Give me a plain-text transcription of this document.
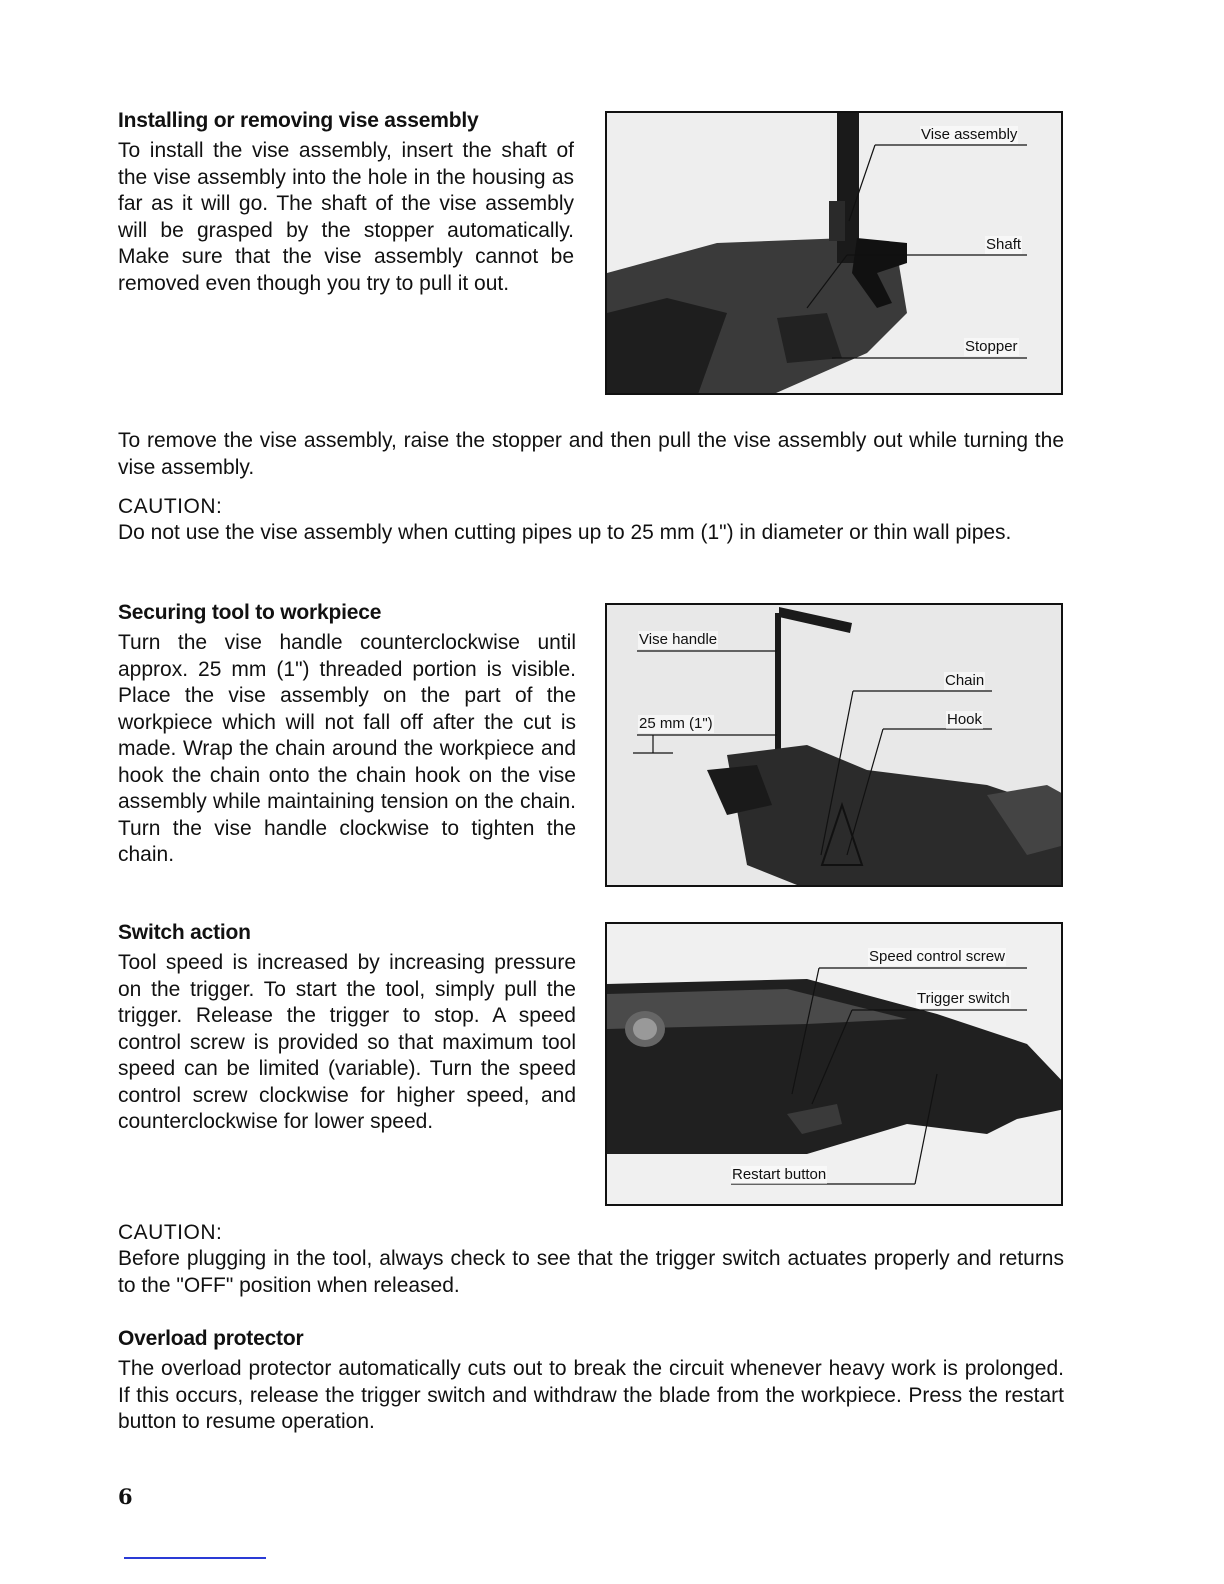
Installing or removing vise assembly

To install the vise assembly, insert the shaft of the vise assembly into the hole in the housing as far as it will go. The shaft of the vise assembly will be grasped by the stopper automatically. Make sure that the vise assembly cannot be removed even though you try to pull it out.

Vise assembly
Shaft
Stopper

To remove the vise assembly, raise the stopper and then pull the vise assembly out while turning the vise assembly.

CAUTION:

Do not use the vise assembly when cutting pipes up to 25 mm (1") in diameter or thin wall pipes.

Securing tool to workpiece

Turn the vise handle counterclockwise until approx. 25 mm (1") threaded portion is visible. Place the vise assembly on the part of the workpiece which will not fall off after the cut is made. Wrap the chain around the workpiece and hook the chain onto the chain hook on the vise assembly while maintaining tension on the chain. Turn the vise handle clockwise to tighten the chain.

Vise handle
25 mm (1")
Chain
Hook

Switch action

Tool speed is increased by increasing pressure on the trigger. To start the tool, simply pull the trigger. Release the trigger to stop. A speed control screw is provided so that maximum tool speed can be limited (variable). Turn the speed control screw clockwise for higher speed, and counterclockwise for lower speed.

Speed control screw
Trigger switch
Restart button

CAUTION:

Before plugging in the tool, always check to see that the trigger switch actuates properly and returns to the "OFF" position when released.

Overload protector

The overload protector automatically cuts out to break the circuit whenever heavy work is prolonged. If this occurs, release the trigger switch and withdraw the blade from the workpiece. Press the restart button to resume operation.

6
